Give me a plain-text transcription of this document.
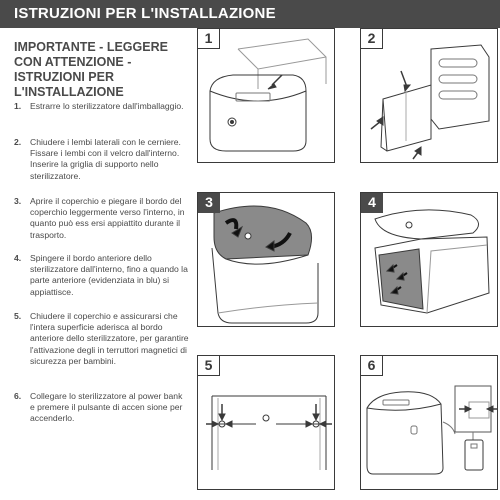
ISTRUZIONI PER L'INSTALLAZIONE
IMPORTANTE - LEGGERE CON ATTENZIONE - ISTRUZIONI PER L'INSTALLAZIONE
1. Estrarre lo sterilizzatore dall'imballaggio.
2. Chiudere i lembi laterali con le cerniere. Fissare i lembi con il velcro dall'interno. Inserire la griglia di supporto nello sterilizzatore.
3. Aprire il coperchio e piegare il bordo del coperchio leggermente verso l'interno, in quanto può ess ersi appiattito durante il trasporto.
4. Spingere il bordo anteriore dello sterilizzatore dall'interno, fino a quando la parte anteriore (evidenziata in blu) si appiattisce.
5. Chiudere il coperchio e assicurarsi che l'intera superficie aderisca al bordo anteriore dello sterilizzatore, per garantire l'attivazione degli in terruttori magnetici di sicurezza per bambini.
6. Collegare lo sterilizzatore al power bank e premere il pulsante di accen sione per accenderlo.
1	2
3	4
5	6
